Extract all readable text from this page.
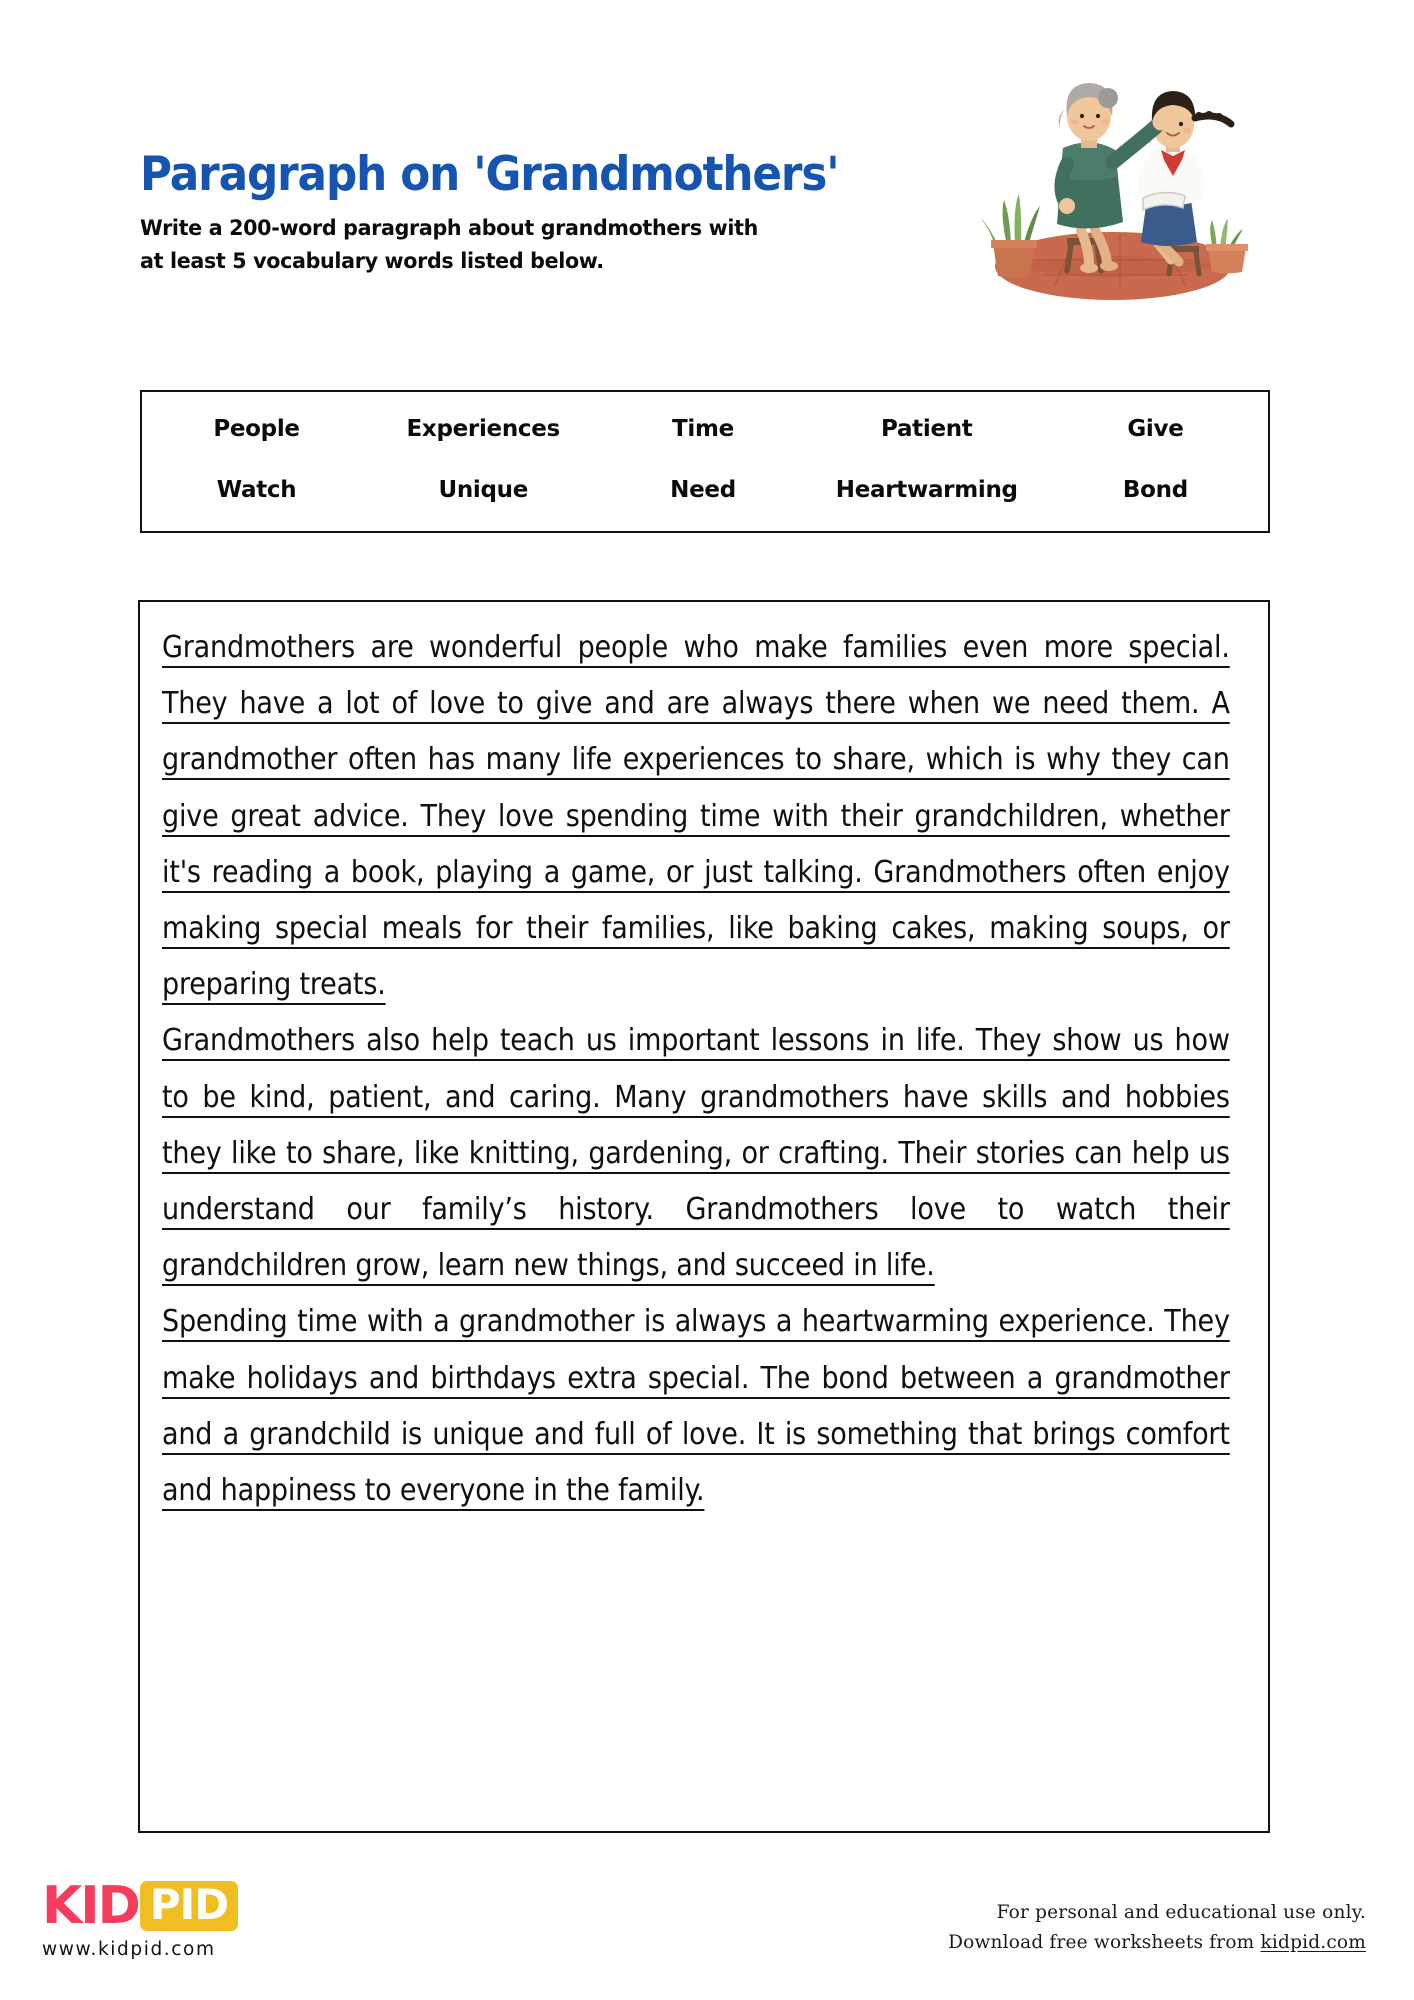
Paragraph on 'Grandmothers'

Write a 200-word paragraph about grandmothers with at least 5 vocabulary words listed below.

People	Experiences	Time	Patient	Give
Watch	Unique	Need	Heartwarming	Bond

Grandmothers are wonderful people who make families even more special. They have a lot of love to give and are always there when we need them. A grandmother often has many life experiences to share, which is why they can give great advice. They love spending time with their grandchildren, whether it's reading a book, playing a game, or just talking. Grandmothers often enjoy making special meals for their families, like baking cakes, making soups, or preparing treats.

Grandmothers also help teach us important lessons in life. They show us how to be kind, patient, and caring. Many grandmothers have skills and hobbies they like to share, like knitting, gardening, or crafting. Their stories can help us understand our family’s history. Grandmothers love to watch their grandchildren grow, learn new things, and succeed in life.

Spending time with a grandmother is always a heartwarming experience. They make holidays and birthdays extra special. The bond between a grandmother and a grandchild is unique and full of love. It is something that brings comfort and happiness to everyone in the family.

KID PID
www.kidpid.com
For personal and educational use only.
Download free worksheets from kidpid.com
